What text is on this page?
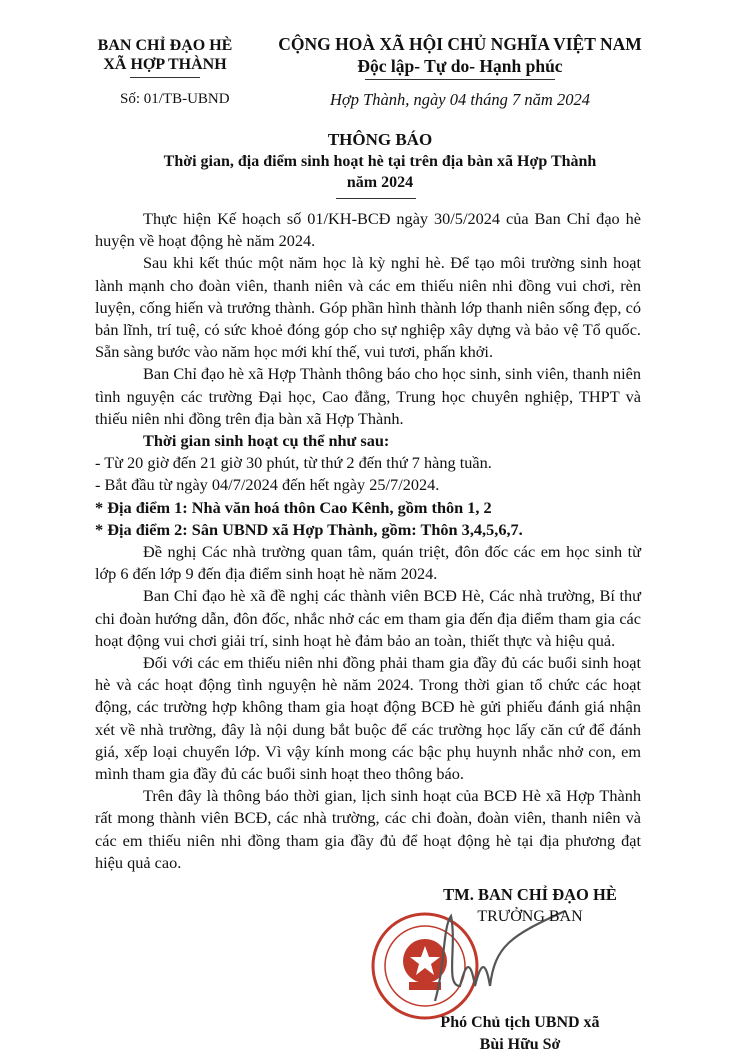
BAN CHỈ ĐẠO HÈ
XÃ HỢP THÀNH
CỘNG HOÀ XÃ HỘI CHỦ NGHĨA VIỆT NAM
Độc lập- Tự do- Hạnh phúc
Số: 01/TB-UBND	Hợp Thành, ngày 04 tháng 7 năm 2024
THÔNG BÁO
Thời gian, địa điểm sinh hoạt hè tại trên địa bàn xã Hợp Thành
năm 2024

Thực hiện Kế hoạch số 01/KH-BCĐ ngày 30/5/2024 của Ban Chỉ đạo hè huyện về hoạt động hè năm 2024.

Sau khi kết thúc một năm học là kỳ nghỉ hè. Để tạo môi trường sinh hoạt lành mạnh cho đoàn viên, thanh niên và các em thiếu niên nhi đồng vui chơi, rèn luyện, cống hiến và trưởng thành. Góp phần hình thành lớp thanh niên sống đẹp, có bản lĩnh, trí tuệ, có sức khoẻ đóng góp cho sự nghiệp xây dựng và bảo vệ Tổ quốc. Sẵn sàng bước vào năm học mới khí thế, vui tươi, phấn khởi.

Ban Chỉ đạo hè xã Hợp Thành thông báo cho học sinh, sinh viên, thanh niên tình nguyện các trường Đại học, Cao đẳng, Trung học chuyên nghiệp, THPT và thiếu niên nhi đồng trên địa bàn xã Hợp Thành.

Thời gian sinh hoạt cụ thể như sau:

- Từ 20 giờ đến 21 giờ 30 phút, từ thứ 2 đến thứ 7 hàng tuần.

- Bắt đầu từ ngày 04/7/2024 đến hết ngày 25/7/2024.

* Địa điểm 1: Nhà văn hoá thôn Cao Kênh, gồm thôn 1, 2

* Địa điểm 2: Sân UBND xã Hợp Thành, gồm: Thôn 3,4,5,6,7.

Đề nghị Các nhà trường quan tâm, quán triệt, đôn đốc các em học sinh từ lớp 6 đến lớp 9 đến địa điểm sinh hoạt hè năm 2024.

Ban Chỉ đạo hè xã đề nghị các thành viên BCĐ Hè, Các nhà trường, Bí thư chi đoàn hướng dẫn, đôn đốc, nhắc nhở các em tham gia đến địa điểm tham gia các hoạt động vui chơi giải trí, sinh hoạt hè đảm bảo an toàn, thiết thực và hiệu quả.

Đối với các em thiếu niên nhi đồng phải tham gia đầy đủ các buổi sinh hoạt hè và các hoạt động tình nguyện hè năm 2024. Trong thời gian tổ chức các hoạt động, các trường hợp không tham gia hoạt động BCĐ hè gửi phiếu đánh giá nhận xét về nhà trường, đây là nội dung bắt buộc để các trường học lấy căn cứ để đánh giá, xếp loại chuyển lớp. Vì vậy kính mong các bậc phụ huynh nhắc nhở con, em mình tham gia đầy đủ các buổi sinh hoạt theo thông báo.

Trên đây là thông báo thời gian, lịch sinh hoạt của BCĐ Hè xã Hợp Thành rất mong thành viên BCĐ, các nhà trường, các chi đoàn, đoàn viên, thanh niên và các em thiếu niên nhi đồng tham gia đầy đủ để hoạt động hè tại địa phương đạt hiệu quả cao.

TM. BAN CHỈ ĐẠO HÈ
TRƯỞNG BAN
Phó Chủ tịch UBND xã
Bùi Hữu Sở
